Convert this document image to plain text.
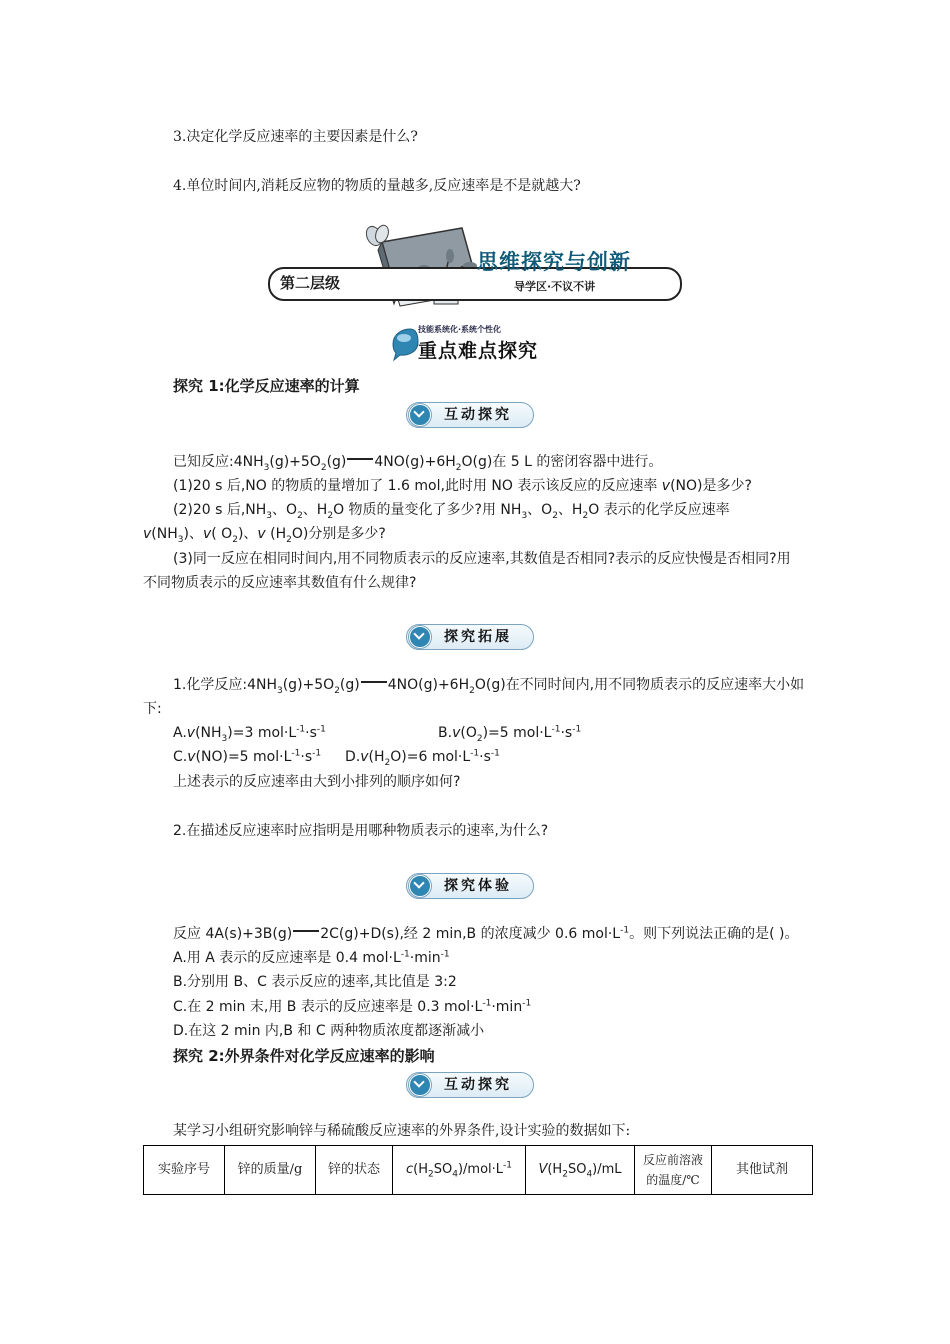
3.决定化学反应速率的主要因素是什么?
4.单位时间内,消耗反应物的物质的量越多,反应速率是不是就越大?
第二层级
思维探究与创新
导学区·不议不讲
技能系统化·系统个性化
重点难点探究
探究 1:化学反应速率的计算
互动探究
已知反应$:4NH_3(g)+5O_2(g)$ $4NO(g)+6H_2O(g)$在 5 L 的密闭容器中进行。
(1)20 s 后,NO 的物质的量增加了 1.6 mol,此时用 NO 表示该反应的反应速率 v(NO)是多少?
(2)20 s 后$,NH_3$、$O_2$、$H_2O$ 物质的量变化了多少?用 $NH_3$、$O_2$、$H_2O$ 表示的化学反应速率
$v(NH_3)$、v( $O_2$)、v $(H_2O)$分别是多少?
(3)同一反应在相同时间内,用不同物质表示的反应速率,其数值是否相同?表示的反应快慢是否相同?用
不同物质表示的反应速率其数值有什么规律?
探究拓展
1.化学反应$:4NH_3(g)+5O_2(g)$ $4NO(g)+6H_2O(g)$在不同时间内,用不同物质表示的反应速率大小如
下:
$A.v(NH_3)=3$ $mol\cdot L^{-1}\cdot s^{-1}$	$B.v(O_2)=5$ $mol\cdot L^{-1}\cdot s^{-1}$
C.v(NO)=5 $mol\cdot L^{-1}\cdot s^{-1}$ $D.v(H_2O)=6$ $mol\cdot L^{-1}\cdot s^{-1}$
上述表示的反应速率由大到小排列的顺序如何?
2.在描述反应速率时应指明是用哪种物质表示的速率,为什么?
探究体验
反应 4A(s)+3B(g) 2C(g)+D(s),经 2 min,B 的浓度减少 0.6 $mol\cdot L^{-1}$。则下列说法正确的是( )。
A.用 A 表示的反应速率是 0.4 $mol\cdot L^{-1}\cdot\min^{-1}$
B.分别用 B、C 表示反应的速率,其比值是 3:2
C.在 2 min 末,用 B 表示的反应速率是 0.3 $mol\cdot L^{-1}\cdot\min^{-1}$
D.在这 2 min 内,B 和 C 两种物质浓度都逐渐减小
探究 2:外界条件对化学反应速率的影响
互动探究
某学习小组研究影响锌与稀硫酸反应速率的外界条件,设计实验的数据如下:
实验序号	锌的质量/g	锌的状态	$c(H_2SO_4)/mol\cdot L^{-1}$	$V(H_2SO_4)/mL$	反应前溶液的温度/℃	其他试剂
